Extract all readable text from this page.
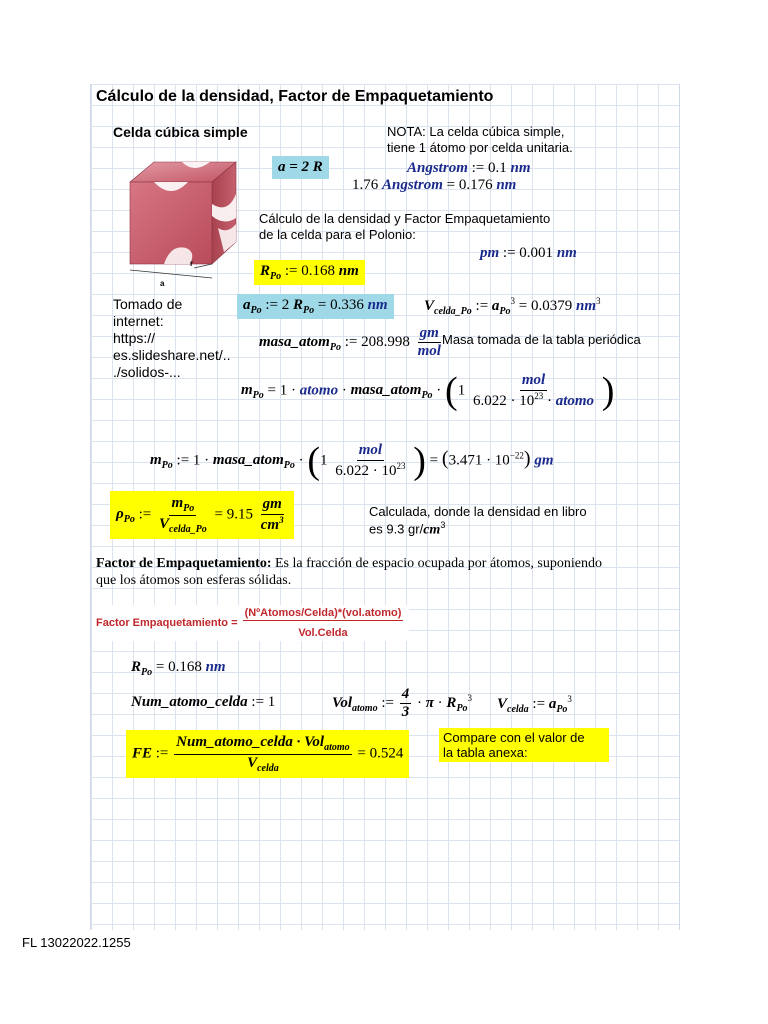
Cálculo de la densidad, Factor de Empaquetamiento
Celda cúbica simple	NOTA: La celda cúbica simple,
tiene 1 átomo por celda unitaria.
a
r
a = 2 R	Angstrom := 0.1 nm
1.76 Angstrom = 0.176 nm
Cálculo de la densidad y Factor Empaquetamiento
de la celda para el Polonio:
pm := 0.001 nm
$R_{Po}$ := 0.168 nm
Tomado de
internet:
https://
es.slideshare.net/..
./solidos-...
$a_{Po}$ := 2 $R_{Po} = 0.336$ nm	$V_{celda\_Po}$ := $a_{Po}^3 = 0.0379$ $nm^3$
masa_atom$_{Po}$ := $208.998 \frac{gm}{\text{mol}}$ Masa tomada de la tabla periódica
$m_{Po} = 1$ · atomo · masa_atom$_{Po}$ · ($1 \frac{\text{mol}}{6.022 \cdot 10^{23} \cdot atomo}$ )
$m_{Po}$ := 1 · masa_atom$_{Po}$ · ($1 \frac{\text{mol}}{6.022 \cdot 10^{23}}$ ) = $(3.471 \cdot 10^{-22})$ gm
$\rho_{Po}$ := $\frac{m_{Po}}{V_{celda\_Po}} = 9.15 \frac{gm}{cm^3}$	Calculada, donde la densidad en libro
es 9.3 $gr/cm^3$
Factor de Empaquetamiento: Es la fracción de espacio ocupada por átomos, suponiendo
que los átomos son esferas sólidas.
Factor Empaquetamiento = $\frac{\text{(NºAtomos/Celda)*(vol.atomo)}}{\text{Vol.Celda}}$
$R_{Po} = 0.168$ nm
Num_atomo_celda := 1	Vol$_{atomo}$ := $\frac{4}{3} \cdot \pi \cdot R_{Po}^3$ $V_{celda}$ := $a_{Po}^3$
FE := $\frac{Num\_atomo\_celda \cdot Vol_{atomo}}{V_{celda}} = 0.524$
Compare con el valor de
la tabla anexa:
FL 13022022.1255
